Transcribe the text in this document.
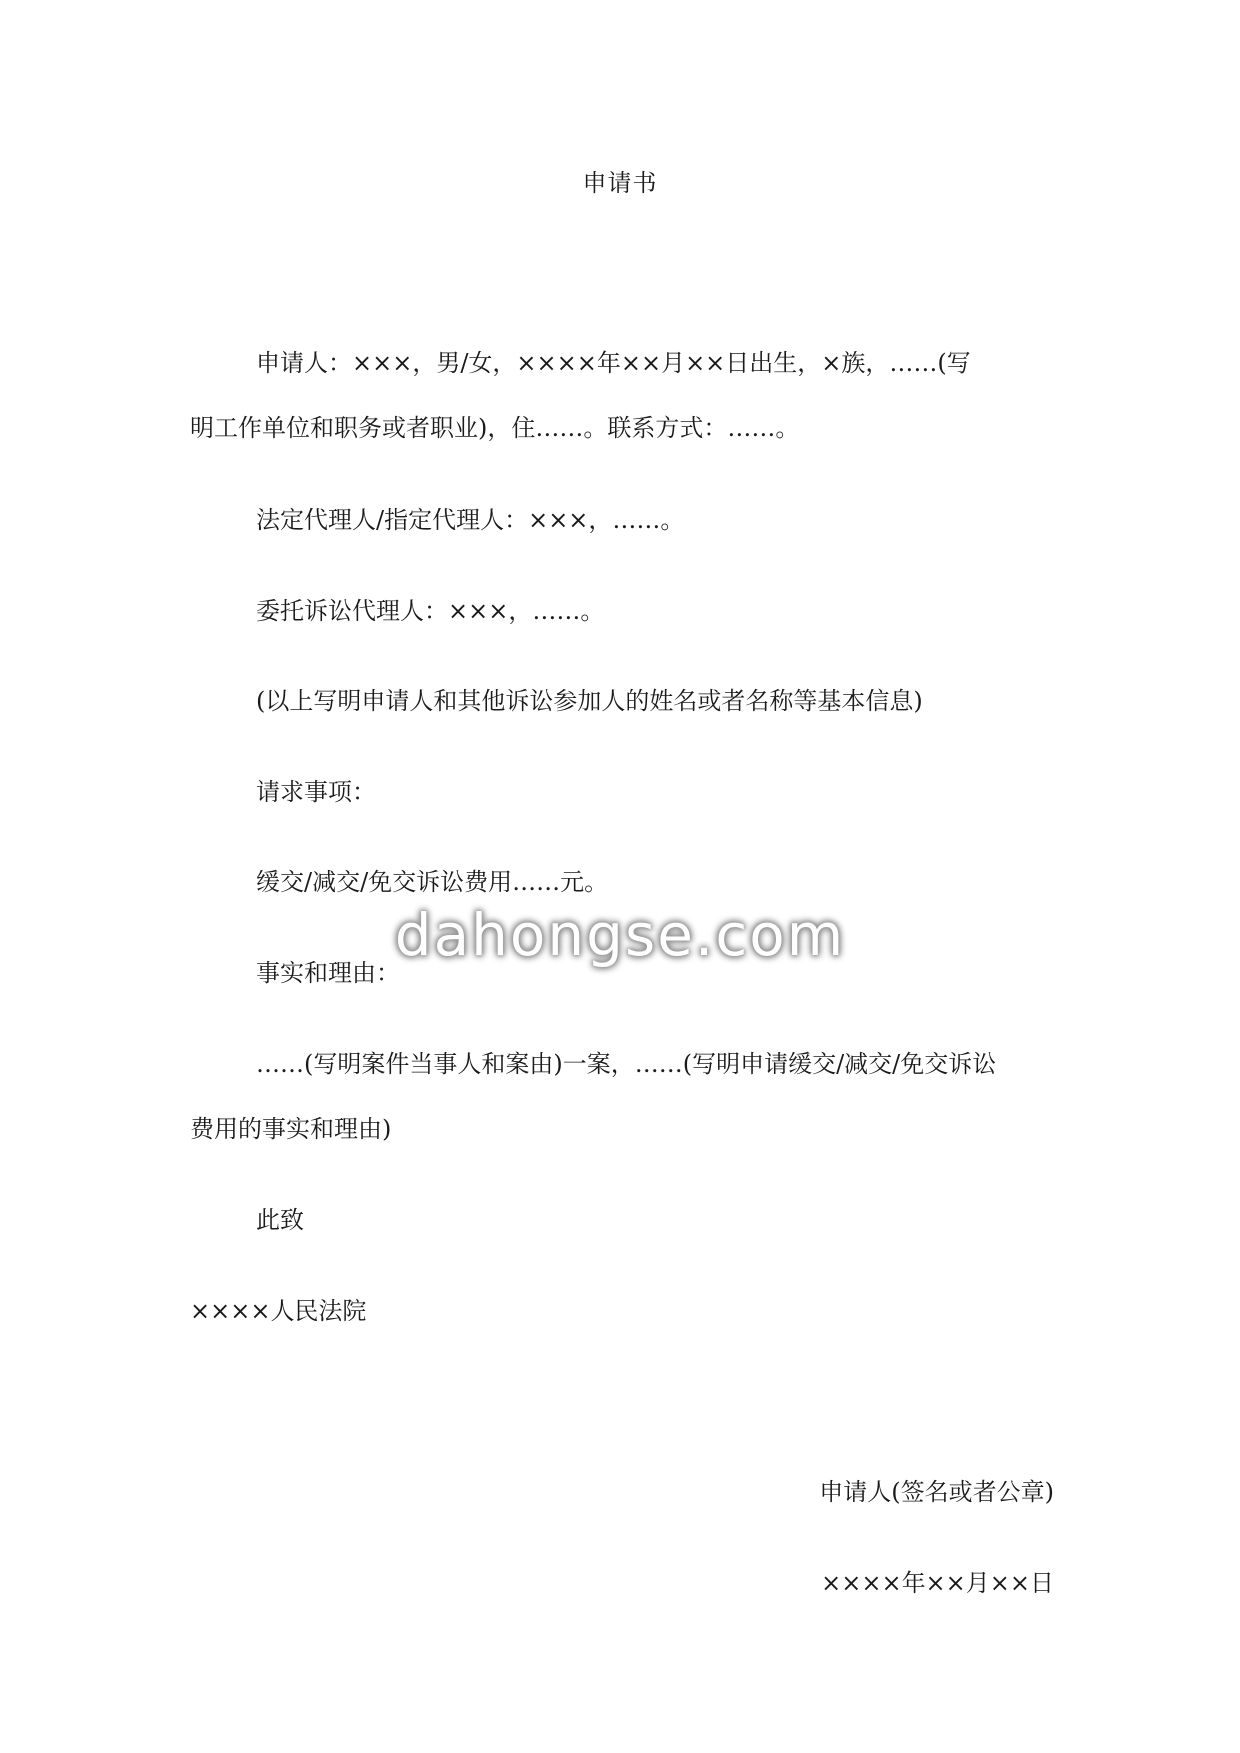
申请书
申请人：×××，男/女，××××年××月××日出生，×族，……(写
明工作单位和职务或者职业)，住……。联系方式：……。
法定代理人/指定代理人：×××，……。
委托诉讼代理人：×××，……。
(以上写明申请人和其他诉讼参加人的姓名或者名称等基本信息)
请求事项：
缓交/减交/免交诉讼费用……元。
事实和理由：
……(写明案件当事人和案由)一案，……(写明申请缓交/减交/免交诉讼
费用的事实和理由)
此致
××××人民法院
申请人(签名或者公章)
××××年××月××日
dahongse.com
